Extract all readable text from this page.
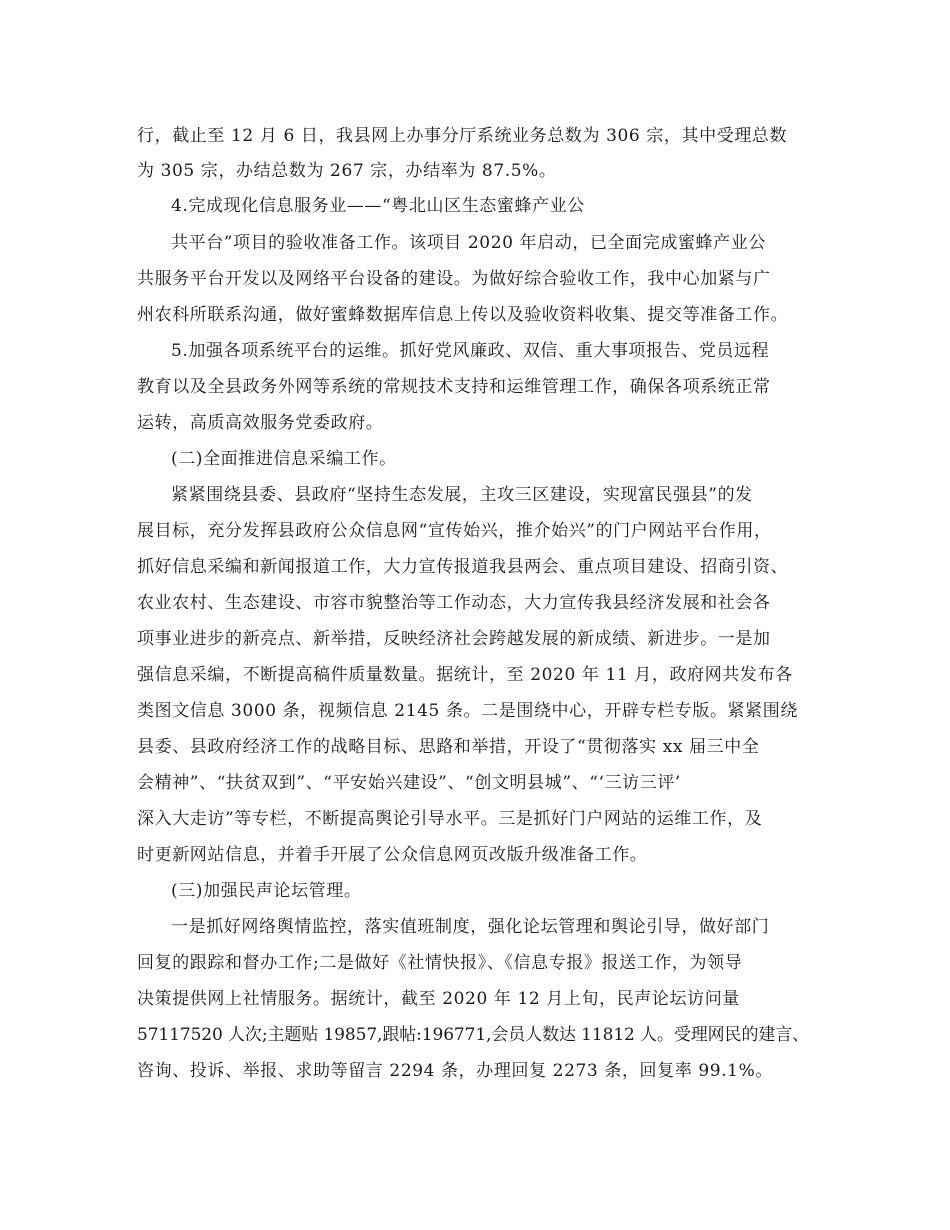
行，截止至 12 月 6 日，我县网上办事分厅系统业务总数为 306 宗，其中受理总数
为 305 宗，办结总数为 267 宗，办结率为 87.5%。
4.完成现化信息服务业——“粤北山区生态蜜蜂产业公
共平台”项目的验收准备工作。该项目 2020 年启动，已全面完成蜜蜂产业公
共服务平台开发以及网络平台设备的建设。为做好综合验收工作，我中心加紧与广
州农科所联系沟通，做好蜜蜂数据库信息上传以及验收资料收集、提交等准备工作。
5.加强各项系统平台的运维。抓好党风廉政、双信、重大事项报告、党员远程
教育以及全县政务外网等系统的常规技术支持和运维管理工作，确保各项系统正常
运转，高质高效服务党委政府。
(二)全面推进信息采编工作。
紧紧围绕县委、县政府“坚持生态发展，主攻三区建设，实现富民强县”的发
展目标，充分发挥县政府公众信息网“宣传始兴，推介始兴”的门户网站平台作用，
抓好信息采编和新闻报道工作，大力宣传报道我县两会、重点项目建设、招商引资、
农业农村、生态建设、市容市貌整治等工作动态，大力宣传我县经济发展和社会各
项事业进步的新亮点、新举措，反映经济社会跨越发展的新成绩、新进步。一是加
强信息采编，不断提高稿件质量数量。据统计，至 2020 年 11 月，政府网共发布各
类图文信息 3000 条，视频信息 2145 条。二是围绕中心，开辟专栏专版。紧紧围绕
县委、县政府经济工作的战略目标、思路和举措，开设了“贯彻落实 xx 届三中全
会精神”、“扶贫双到”、“平安始兴建设”、“创文明县城”、“‘三访三评’
深入大走访”等专栏，不断提高舆论引导水平。三是抓好门户网站的运维工作，及
时更新网站信息，并着手开展了公众信息网页改版升级准备工作。
(三)加强民声论坛管理。
一是抓好网络舆情监控，落实值班制度，强化论坛管理和舆论引导，做好部门
回复的跟踪和督办工作;二是做好《社情快报》、《信息专报》报送工作，为领导
决策提供网上社情服务。据统计，截至 2020 年 12 月上旬，民声论坛访问量
57117520 人次;主题贴 19857,跟帖:196771,会员人数达 11812 人。受理网民的建言、
咨询、投诉、举报、求助等留言 2294 条，办理回复 2273 条，回复率 99.1%。
